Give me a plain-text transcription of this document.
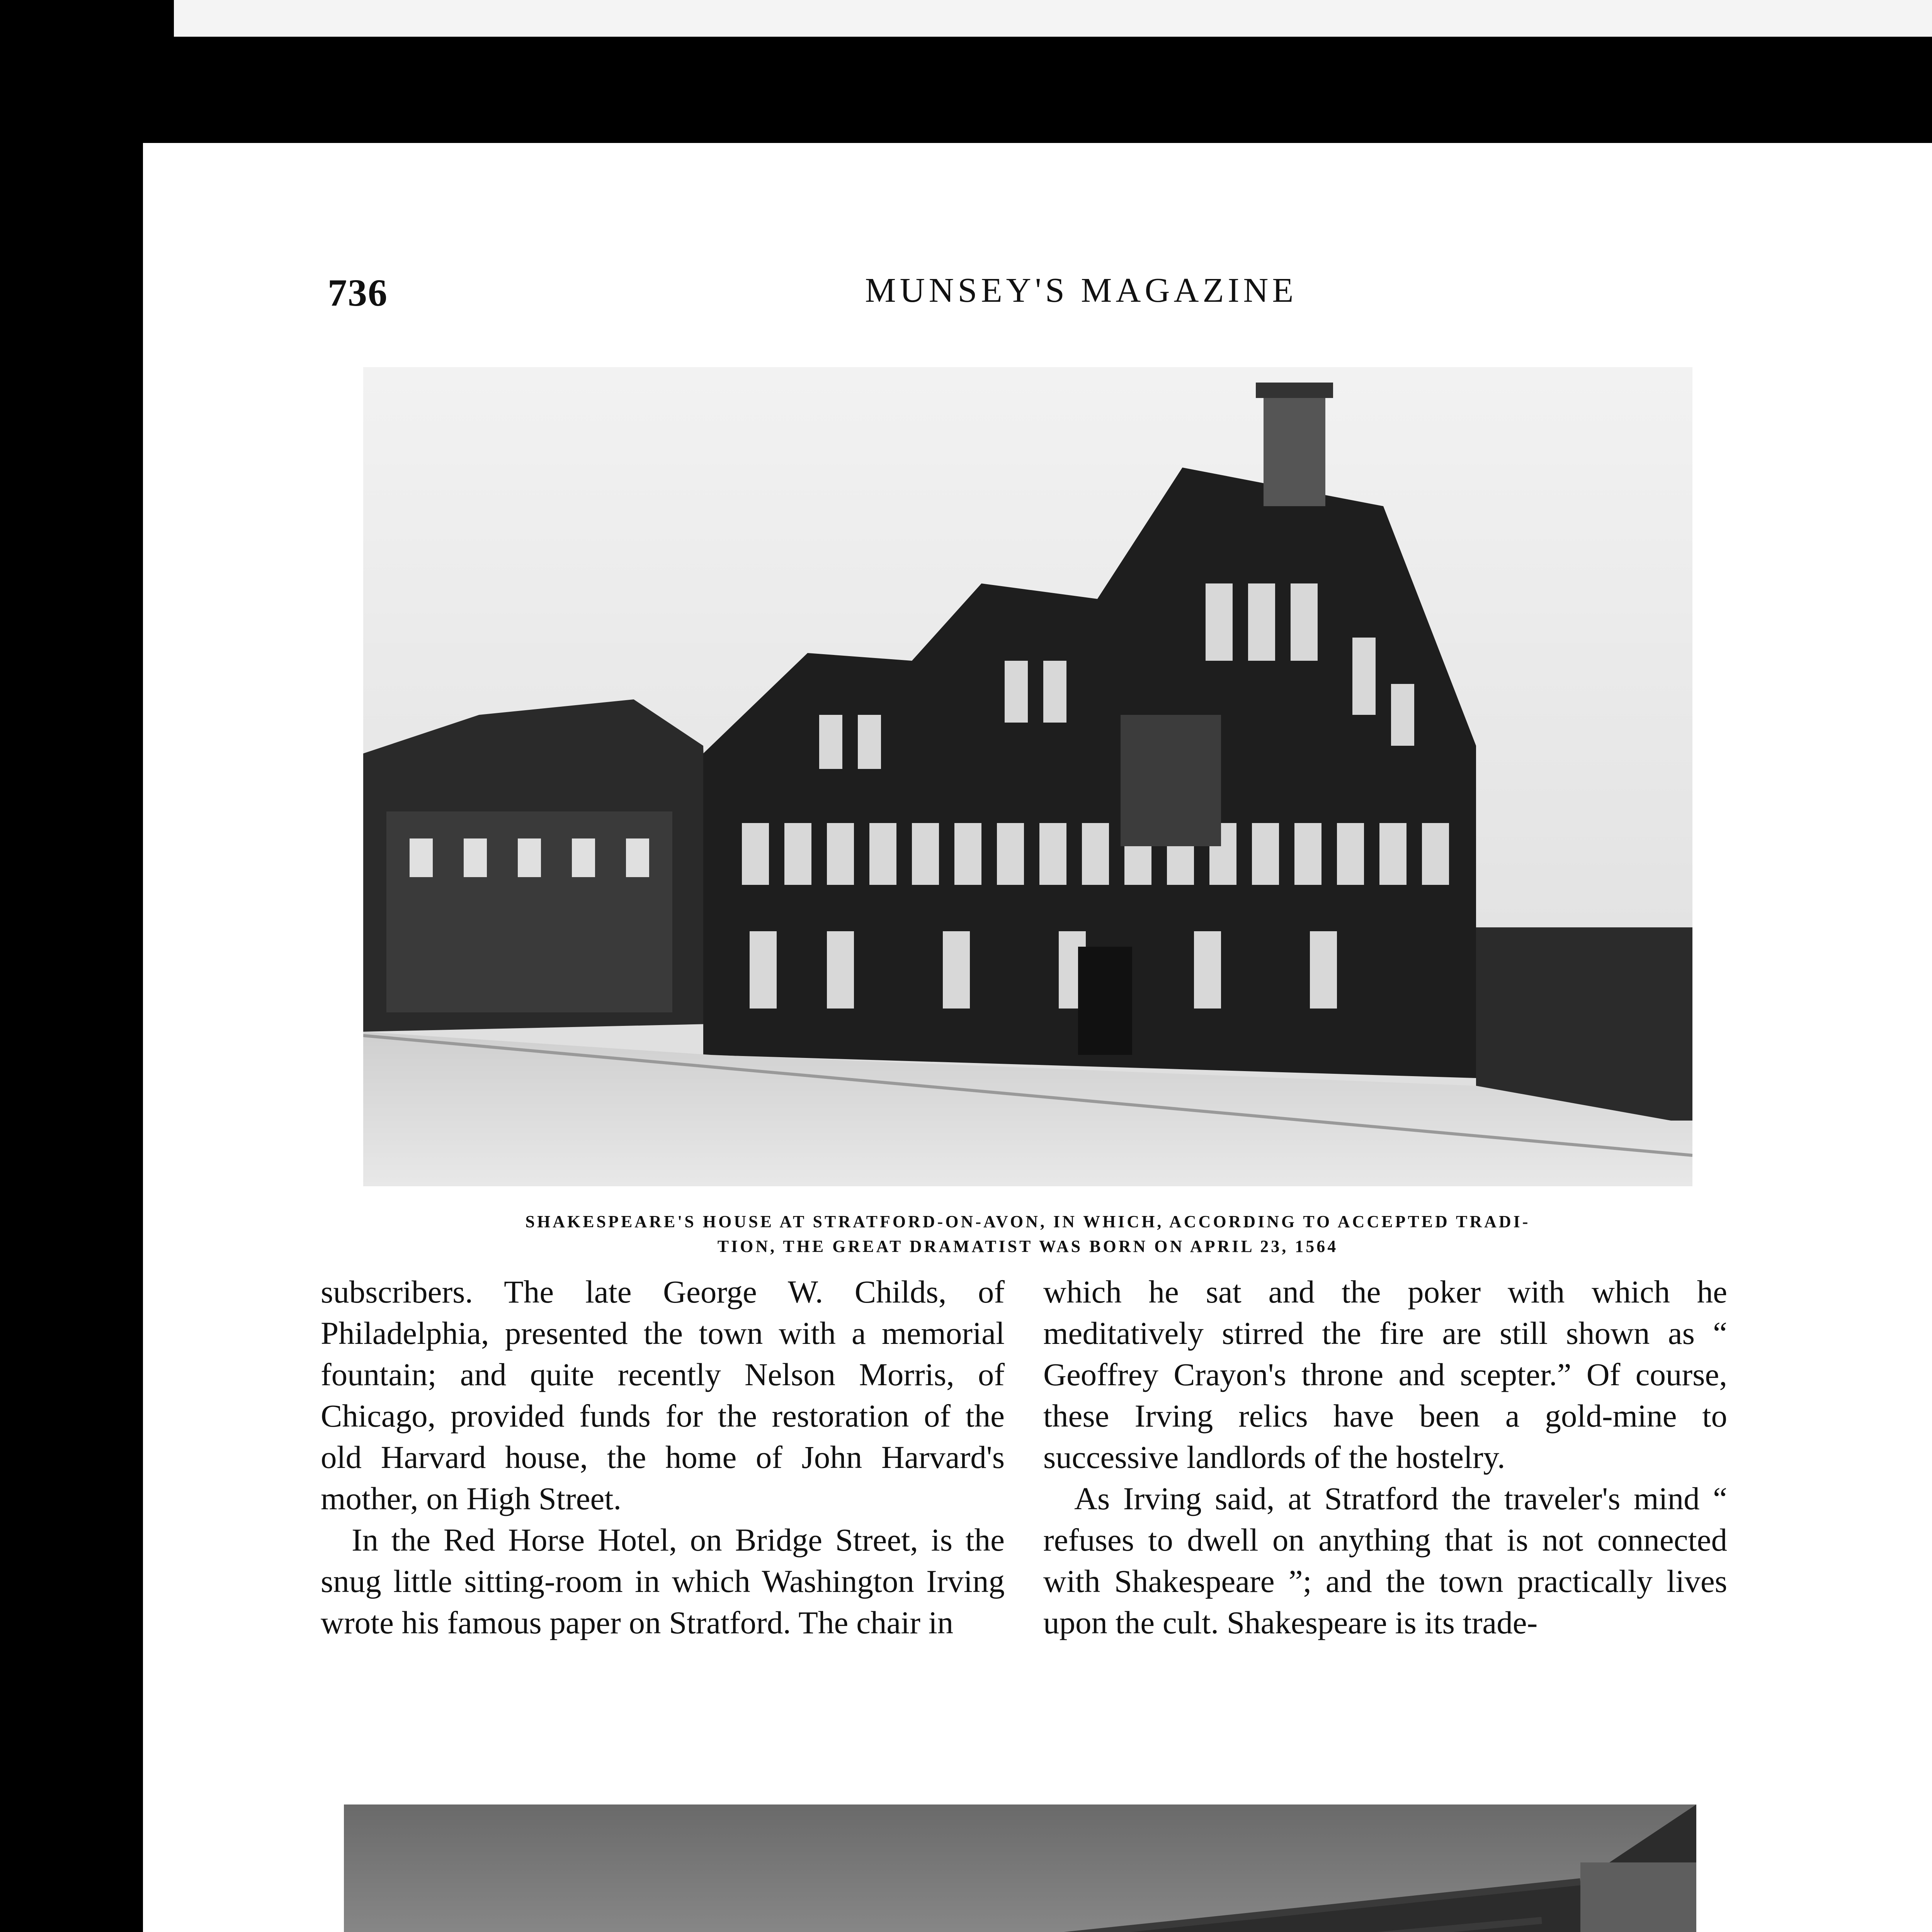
MUNSEY'S MAGAZINE
736
SHAKESPEARE'S HOUSE AT STRATFORD-ON-AVON, IN WHICH, ACCORDING TO ACCEPTED TRADI-
TION, THE GREAT DRAMATIST WAS BORN ON APRIL 23, 1564

subscribers. The late George W. Childs, of Philadelphia, presented the town with a memorial fountain; and quite recently Nelson Morris, of Chicago, provided funds for the restoration of the old Harvard house, the home of John Harvard's mother, on High Street.

In the Red Horse Hotel, on Bridge Street, is the snug little sitting-room in which Washington Irving wrote his famous paper on Stratford. The chair in

which he sat and the poker with which he meditatively stirred the fire are still shown as “ Geoffrey Crayon's throne and scepter.” Of course, these Irving relics have been a gold-mine to successive landlords of the hostelry.

As Irving said, at Stratford the traveler's mind “ refuses to dwell on anything that is not connected with Shakespeare ”; and the town practically lives upon the cult. Shakespeare is its trade-
